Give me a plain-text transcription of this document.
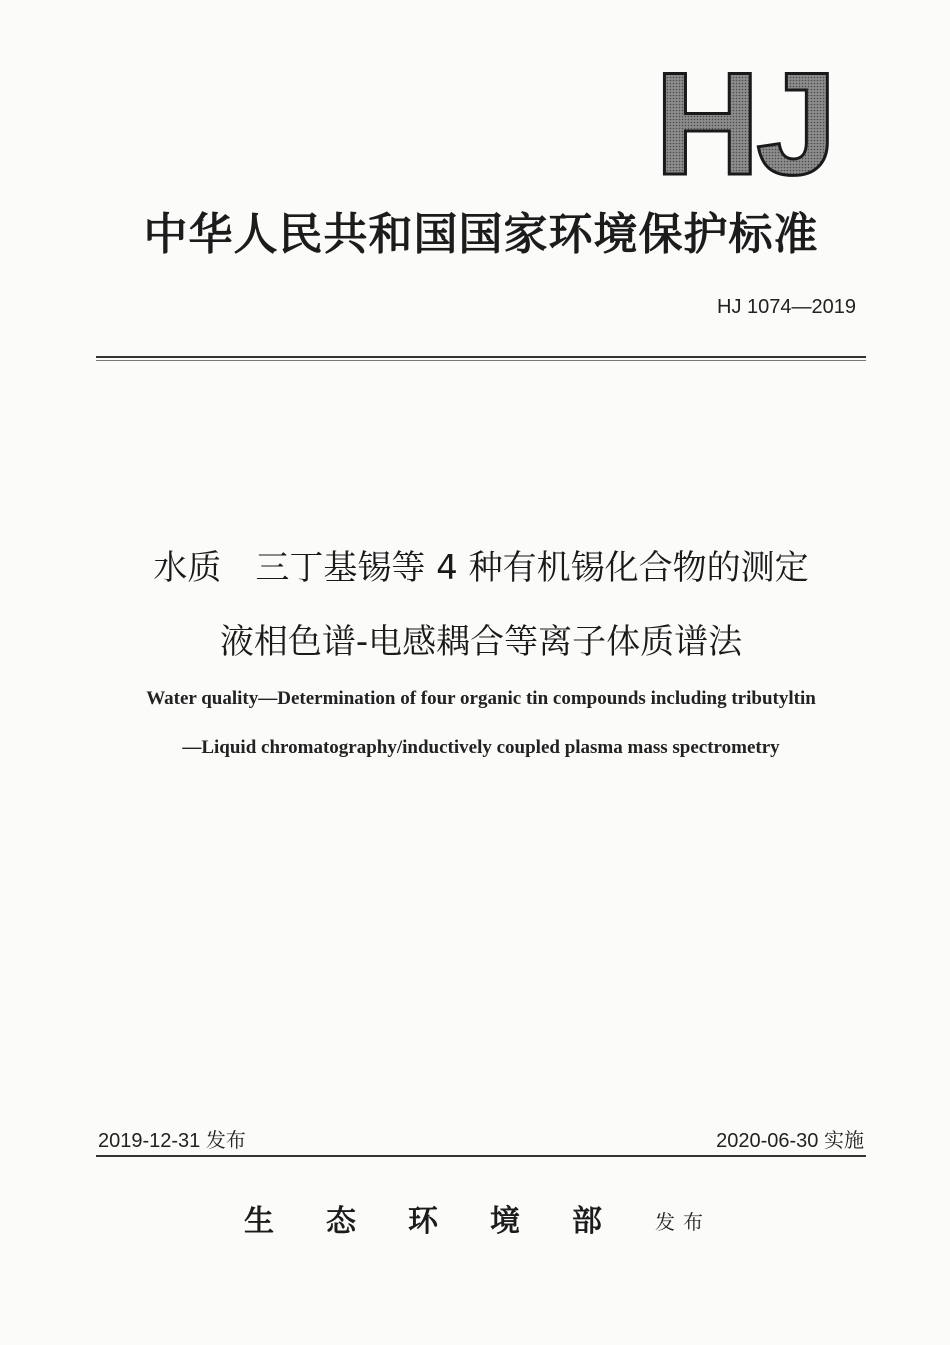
HJ
中华人民共和国国家环境保护标准
HJ 1074—2019
水质　三丁基锡等 4 种有机锡化合物的测定
液相色谱-电感耦合等离子体质谱法
Water quality—Determination of four organic tin compounds including tributyltin
—Liquid chromatography/inductively coupled plasma mass spectrometry
2019-12-31 发布	2020-06-30 实施
生态环境部 发布
